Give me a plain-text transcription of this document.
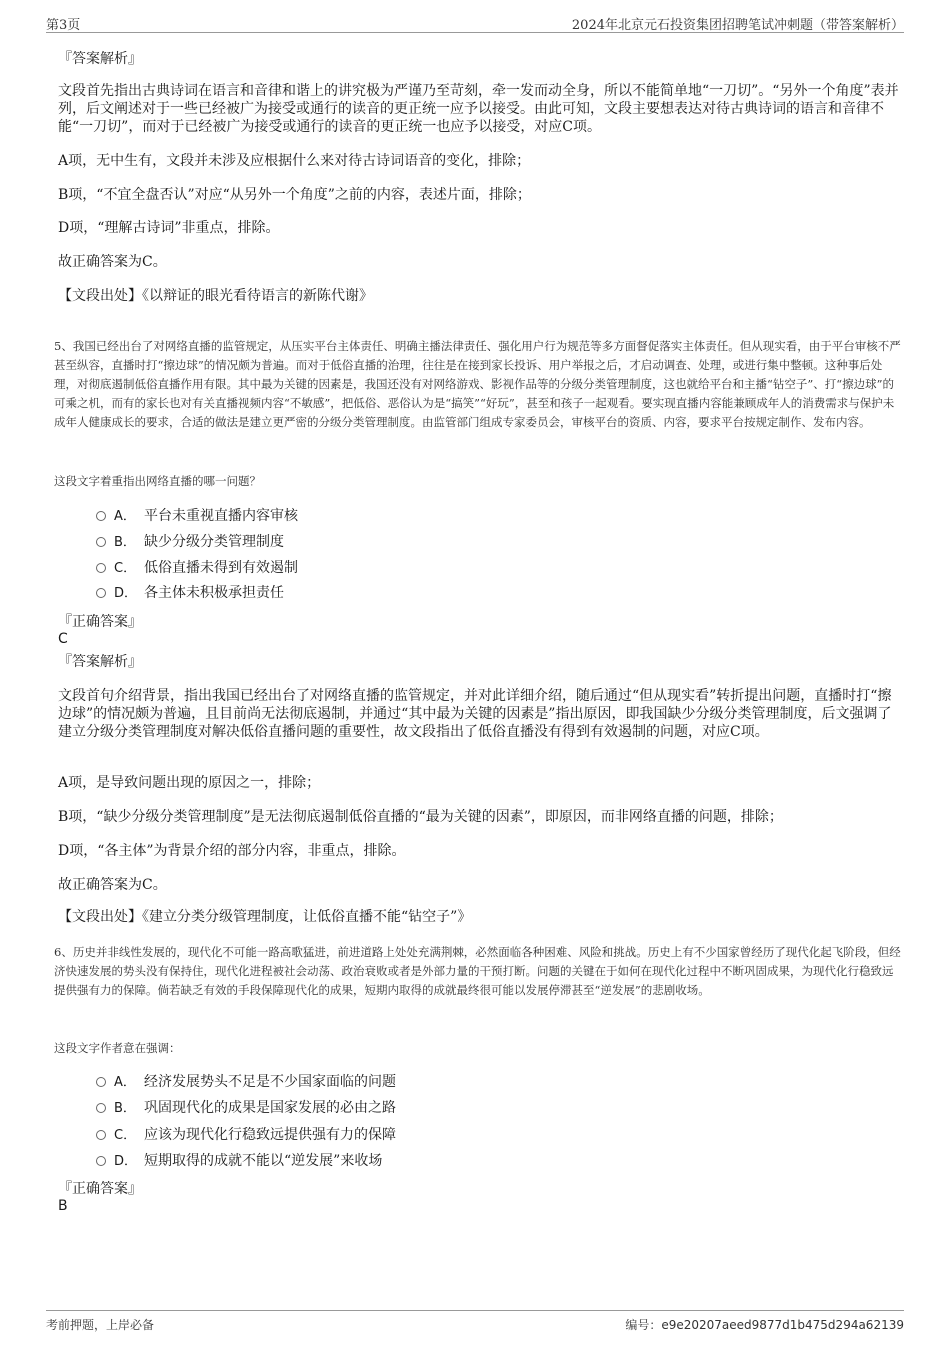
第3页	2024年北京元石投资集团招聘笔试冲刺题（带答案解析）
『答案解析』
文段首先指出古典诗词在语言和音律和谐上的讲究极为严谨乃至苛刻，牵一发而动全身，所以不能简单地“一刀切”。“另外一个角度”表并列，后文阐述对于一些已经被广为接受或通行的读音的更正统一应予以接受。由此可知，文段主要想表达对待古典诗词的语言和音律不能“一刀切”，而对于已经被广为接受或通行的读音的更正统一也应予以接受，对应C项。
A项，无中生有，文段并未涉及应根据什么来对待古诗词语音的变化，排除；
B项，“不宜全盘否认”对应“从另外一个角度”之前的内容，表述片面，排除；
D项，“理解古诗词”非重点，排除。
故正确答案为C。
【文段出处】《以辩证的眼光看待语言的新陈代谢》
5、我国已经出台了对网络直播的监管规定，从压实平台主体责任、明确主播法律责任、强化用户行为规范等多方面督促落实主体责任。但从现实看，由于平台审核不严甚至纵容，直播时打“擦边球”的情况颇为普遍。而对于低俗直播的治理，往往是在接到家长投诉、用户举报之后，才启动调查、处理，或进行集中整顿。这种事后处理，对彻底遏制低俗直播作用有限。其中最为关键的因素是，我国还没有对网络游戏、影视作品等的分级分类管理制度，这也就给平台和主播“钻空子”、打“擦边球”的可乘之机，而有的家长也对有关直播视频内容“不敏感”，把低俗、恶俗认为是“搞笑”“好玩”，甚至和孩子一起观看。要实现直播内容能兼顾成年人的消费需求与保护未成年人健康成长的要求，合适的做法是建立更严密的分级分类管理制度。由监管部门组成专家委员会，审核平台的资质、内容，要求平台按规定制作、发布内容。
这段文字着重指出网络直播的哪一问题？
A． 平台未重视直播内容审核
B． 缺少分级分类管理制度
C． 低俗直播未得到有效遏制
D． 各主体未积极承担责任
『正确答案』
C
『答案解析』
文段首句介绍背景，指出我国已经出台了对网络直播的监管规定，并对此详细介绍，随后通过“但从现实看”转折提出问题，直播时打“擦边球”的情况颇为普遍，且目前尚无法彻底遏制，并通过“其中最为关键的因素是”指出原因，即我国缺少分级分类管理制度，后文强调了建立分级分类管理制度对解决低俗直播问题的重要性，故文段指出了低俗直播没有得到有效遏制的问题，对应C项。
A项，是导致问题出现的原因之一，排除；
B项，“缺少分级分类管理制度”是无法彻底遏制低俗直播的“最为关键的因素”，即原因，而非网络直播的问题，排除；
D项，“各主体”为背景介绍的部分内容，非重点，排除。
故正确答案为C。
【文段出处】《建立分类分级管理制度，让低俗直播不能“钻空子”》
6、历史并非线性发展的，现代化不可能一路高歌猛进，前进道路上处处充满荆棘，必然面临各种困难、风险和挑战。历史上有不少国家曾经历了现代化起飞阶段，但经济快速发展的势头没有保持住，现代化进程被社会动荡、政治衰败或者是外部力量的干预打断。问题的关键在于如何在现代化过程中不断巩固成果，为现代化行稳致远提供强有力的保障。倘若缺乏有效的手段保障现代化的成果，短期内取得的成就最终很可能以发展停滞甚至“逆发展”的悲剧收场。
这段文字作者意在强调：
A． 经济发展势头不足是不少国家面临的问题
B． 巩固现代化的成果是国家发展的必由之路
C． 应该为现代化行稳致远提供强有力的保障
D． 短期取得的成就不能以“逆发展”来收场
『正确答案』
B
考前押题，上岸必备	编号：e9e20207aeed9877d1b475d294a62139
